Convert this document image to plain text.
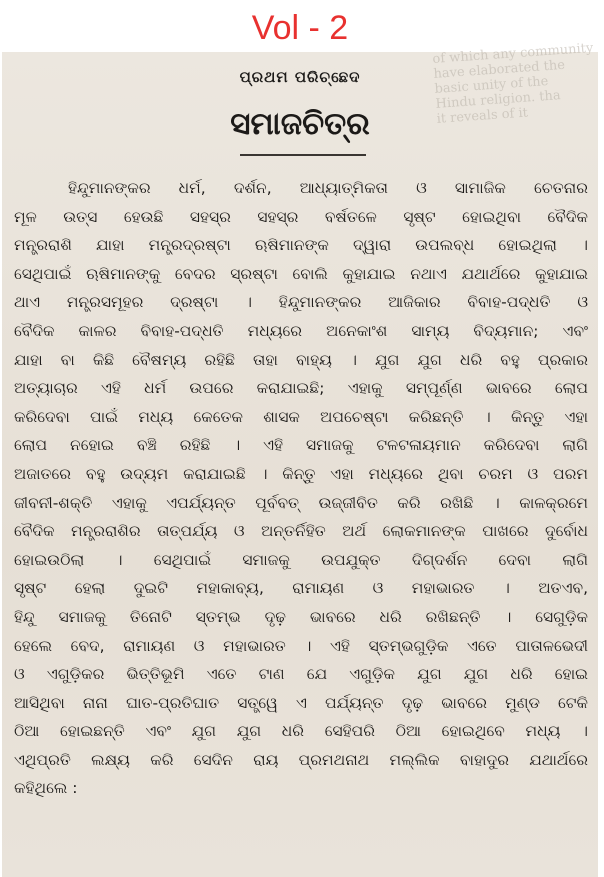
Vol - 2
of which any community
have elaborated the
basic unity of the
Hindu religion. tha
it reveals of it
ପ୍ରଥମ ପରିଚ୍ଛେଦ
ସମାଜଚିତ୍ର
ହିନ୍ଦୁମାନଙ୍କର ଧର୍ମ, ଦର୍ଶନ, ଆଧ୍ୟାତ୍ମିକତା ଓ ସାମାଜିକ ଚେତନାର
ମୂଳ ଉତ୍ସ ହେଉଛି ସହସ୍ର ସହସ୍ର ବର୍ଷତଳେ ସୃଷ୍ଟ ହୋଇଥିବା ବୈଦିକ
ମନ୍ତ୍ରରାଶି ଯାହା ମନ୍ତ୍ରଦ୍ରଷ୍ଟା ଋଷିମାନଙ୍କ ଦ୍ୱାରା ଉପଲବ୍ଧ ହୋଇଥିଲା ।
ସେଥିପାଇଁ ଋଷିମାନଙ୍କୁ ବେଦର ସ୍ରଷ୍ଟା ବୋଲି କୁହାଯାଇ ନଥାଏ ଯଥାର୍ଥରେ କୁହାଯାଇ
ଥାଏ ମନ୍ତ୍ରସମୂହର ଦ୍ରଷ୍ଟା । ହିନ୍ଦୁମାନଙ୍କର ଆଜିକାର ବିବାହ-ପଦ୍ଧତି ଓ
ବୈଦିକ କାଳର ବିବାହ-ପଦ୍ଧତି ମଧ୍ୟରେ ଅନେକାଂଶ ସାମ୍ୟ ବିଦ୍ୟମାନ; ଏବଂ
ଯାହା ବା କିଛି ବୈଷମ୍ୟ ରହିଛି ତାହା ବାହ୍ୟ । ଯୁଗ ଯୁଗ ଧରି ବହୁ ପ୍ରକାର
ଅତ୍ୟାଚାର ଏହି ଧର୍ମ ଉପରେ କରାଯାଇଛି; ଏହାକୁ ସମ୍ପୂର୍ଣ୍ଣ ଭାବରେ ଲୋପ
କରିଦେବା ପାଇଁ ମଧ୍ୟ କେତେକ ଶାସକ ଅପଚେଷ୍ଟା କରିଛନ୍ତି । କିନ୍ତୁ ଏହା
ଲୋପ ନହୋଇ ବଞ୍ଚି ରହିଛି । ଏହି ସମାଜକୁ ଟଳଟଳାୟମାନ କରିଦେବା ଲାଗି
ଅଜାତରେ ବହୁ ଉଦ୍ୟମ କରାଯାଇଛି । କିନ୍ତୁ ଏହା ମଧ୍ୟରେ ଥିବା ଚରମ ଓ ପରମ
ଜୀବନୀ-ଶକ୍ତି ଏହାକୁ ଏପର୍ଯ୍ୟନ୍ତ ପୂର୍ବବତ୍ ଉଜ୍ଜୀବିତ କରି ରଖିଛି । କାଳକ୍ରମେ
ବୈଦିକ ମନ୍ତ୍ରରାଶିର ତାତ୍ପର୍ଯ୍ୟ ଓ ଅନ୍ତର୍ନିହିତ ଅର୍ଥ ଲୋକମାନଙ୍କ ପାଖରେ ଦୁର୍ବୋଧ
ହୋଇଉଠିଲା । ସେଥିପାଇଁ ସମାଜକୁ ଉପଯୁକ୍ତ ଦିଗ୍‌ଦର୍ଶନ ଦେବା ଲାଗି
ସୃଷ୍ଟ ହେଲା ଦୁଇଟି ମହାକାବ୍ୟ, ରାମାୟଣ ଓ ମହାଭାରତ । ଅତଏବ,
ହିନ୍ଦୁ ସମାଜକୁ ତିନୋଟି ସ୍ତମ୍ଭ ଦୃଢ଼ ଭାବରେ ଧରି ରଖିଛନ୍ତି । ସେଗୁଡ଼ିକ
ହେଲେ ବେଦ, ରାମାୟଣ ଓ ମହାଭାରତ । ଏହି ସ୍ତମ୍ଭଗୁଡ଼ିକ ଏତେ ପାତାଳଭେଦୀ
ଓ ଏଗୁଡ଼ିକର ଭିତ୍ତିଭୂମି ଏତେ ଟାଣ ଯେ ଏଗୁଡ଼ିକ ଯୁଗ ଯୁଗ ଧରି ହୋଇ
ଆସିଥିବା ନାନା ଘାତ-ପ୍ରତିଘାତ ସତ୍ତ୍ୱେ ଏ ପର୍ଯ୍ୟନ୍ତ ଦୃଢ଼ ଭାବରେ ମୁଣ୍ଡ ଟେକି
ଠିଆ ହୋଇଛନ୍ତି ଏବଂ ଯୁଗ ଯୁଗ ଧରି ସେହିପରି ଠିଆ ହୋଇଥିବେ ମଧ୍ୟ ।
ଏଥିପ୍ରତି ଲକ୍ଷ୍ୟ କରି ସେଦିନ ରାୟ ପ୍ରମଥନାଥ ମଲ୍ଲିକ ବାହାଦୁର ଯଥାର୍ଥରେ
କହିଥିଲେ :
